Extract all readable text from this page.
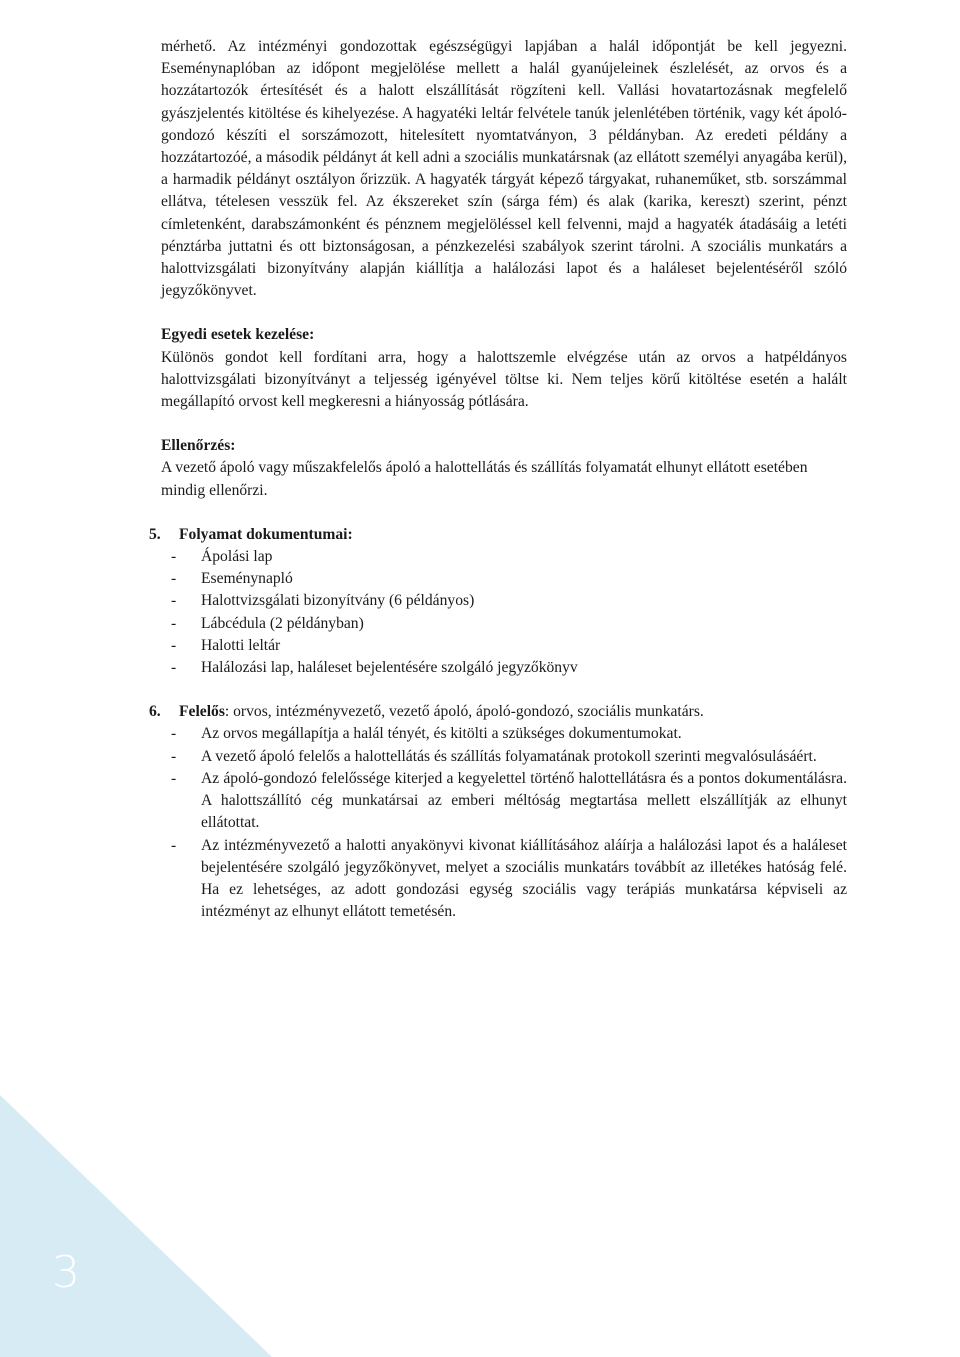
mérhető. Az intézményi gondozottak egészségügyi lapjában a halál időpontját be kell jegyezni. Eseménynaplóban az időpont megjelölése mellett a halál gyanújeleinek észlelését, az orvos és a hozzátartozók értesítését és a halott elszállítását rögzíteni kell. Vallási hovatartozásnak megfelelő gyászjelentés kitöltése és kihelyezése. A hagyatéki leltár felvétele tanúk jelenlétében történik, vagy két ápoló-gondozó készíti el sorszámozott, hitelesített nyomtatványon, 3 példányban. Az eredeti példány a hozzátartozóé, a második példányt át kell adni a szociális munkatársnak (az ellátott személyi anyagába kerül), a harmadik példányt osztályon őrizzük. A hagyaték tárgyát képező tárgyakat, ruhaneműket, stb. sorszámmal ellátva, tételesen vesszük fel. Az ékszereket szín (sárga fém) és alak (karika, kereszt) szerint, pénzt címletenként, darabszámonként és pénznem megjelöléssel kell felvenni, majd a hagyaték átadásáig a letéti pénztárba juttatni és ott biztonságosan, a pénzkezelési szabályok szerint tárolni. A szociális munkatárs a halottvizsgálati bizonyítvány alapján kiállítja a halálozási lapot és a haláleset bejelentéséről szóló jegyzőkönyvet.

Egyedi esetek kezelése:

Különös gondot kell fordítani arra, hogy a halottszemle elvégzése után az orvos a hatpéldányos halottvizsgálati bizonyítványt a teljesség igényével töltse ki. Nem teljes körű kitöltése esetén a halált megállapító orvost kell megkeresni a hiányosság pótlására.

Ellenőrzés:

A vezető ápoló vagy műszakfelelős ápoló a halottellátás és szállítás folyamatát elhunyt ellátott esetében mindig ellenőrzi.

5. Folyamat dokumentumai:

- Ápolási lap
- Eseménynapló
- Halottvizsgálati bizonyítvány (6 példányos)
- Lábcédula (2 példányban)
- Halotti leltár
- Halálozási lap, haláleset bejelentésére szolgáló jegyzőkönyv

6. Felelős: orvos, intézményvezető, vezető ápoló, ápoló-gondozó, szociális munkatárs.

- Az orvos megállapítja a halál tényét, és kitölti a szükséges dokumentumokat.
- A vezető ápoló felelős a halottellátás és szállítás folyamatának protokoll szerinti megvalósulásáért.
- Az ápoló-gondozó felelőssége kiterjed a kegyelettel történő halottellátásra és a pontos dokumentálásra. A halottszállító cég munkatársai az emberi méltóság megtartása mellett elszállítják az elhunyt ellátottat.
- Az intézményvezető a halotti anyakönyvi kivonat kiállításához aláírja a halálozási lapot és a haláleset bejelentésére szolgáló jegyzőkönyvet, melyet a szociális munkatárs továbbít az illetékes hatóság felé. Ha ez lehetséges, az adott gondozási egység szociális vagy terápiás munkatársa képviseli az intézményt az elhunyt ellátott temetésén.
3
